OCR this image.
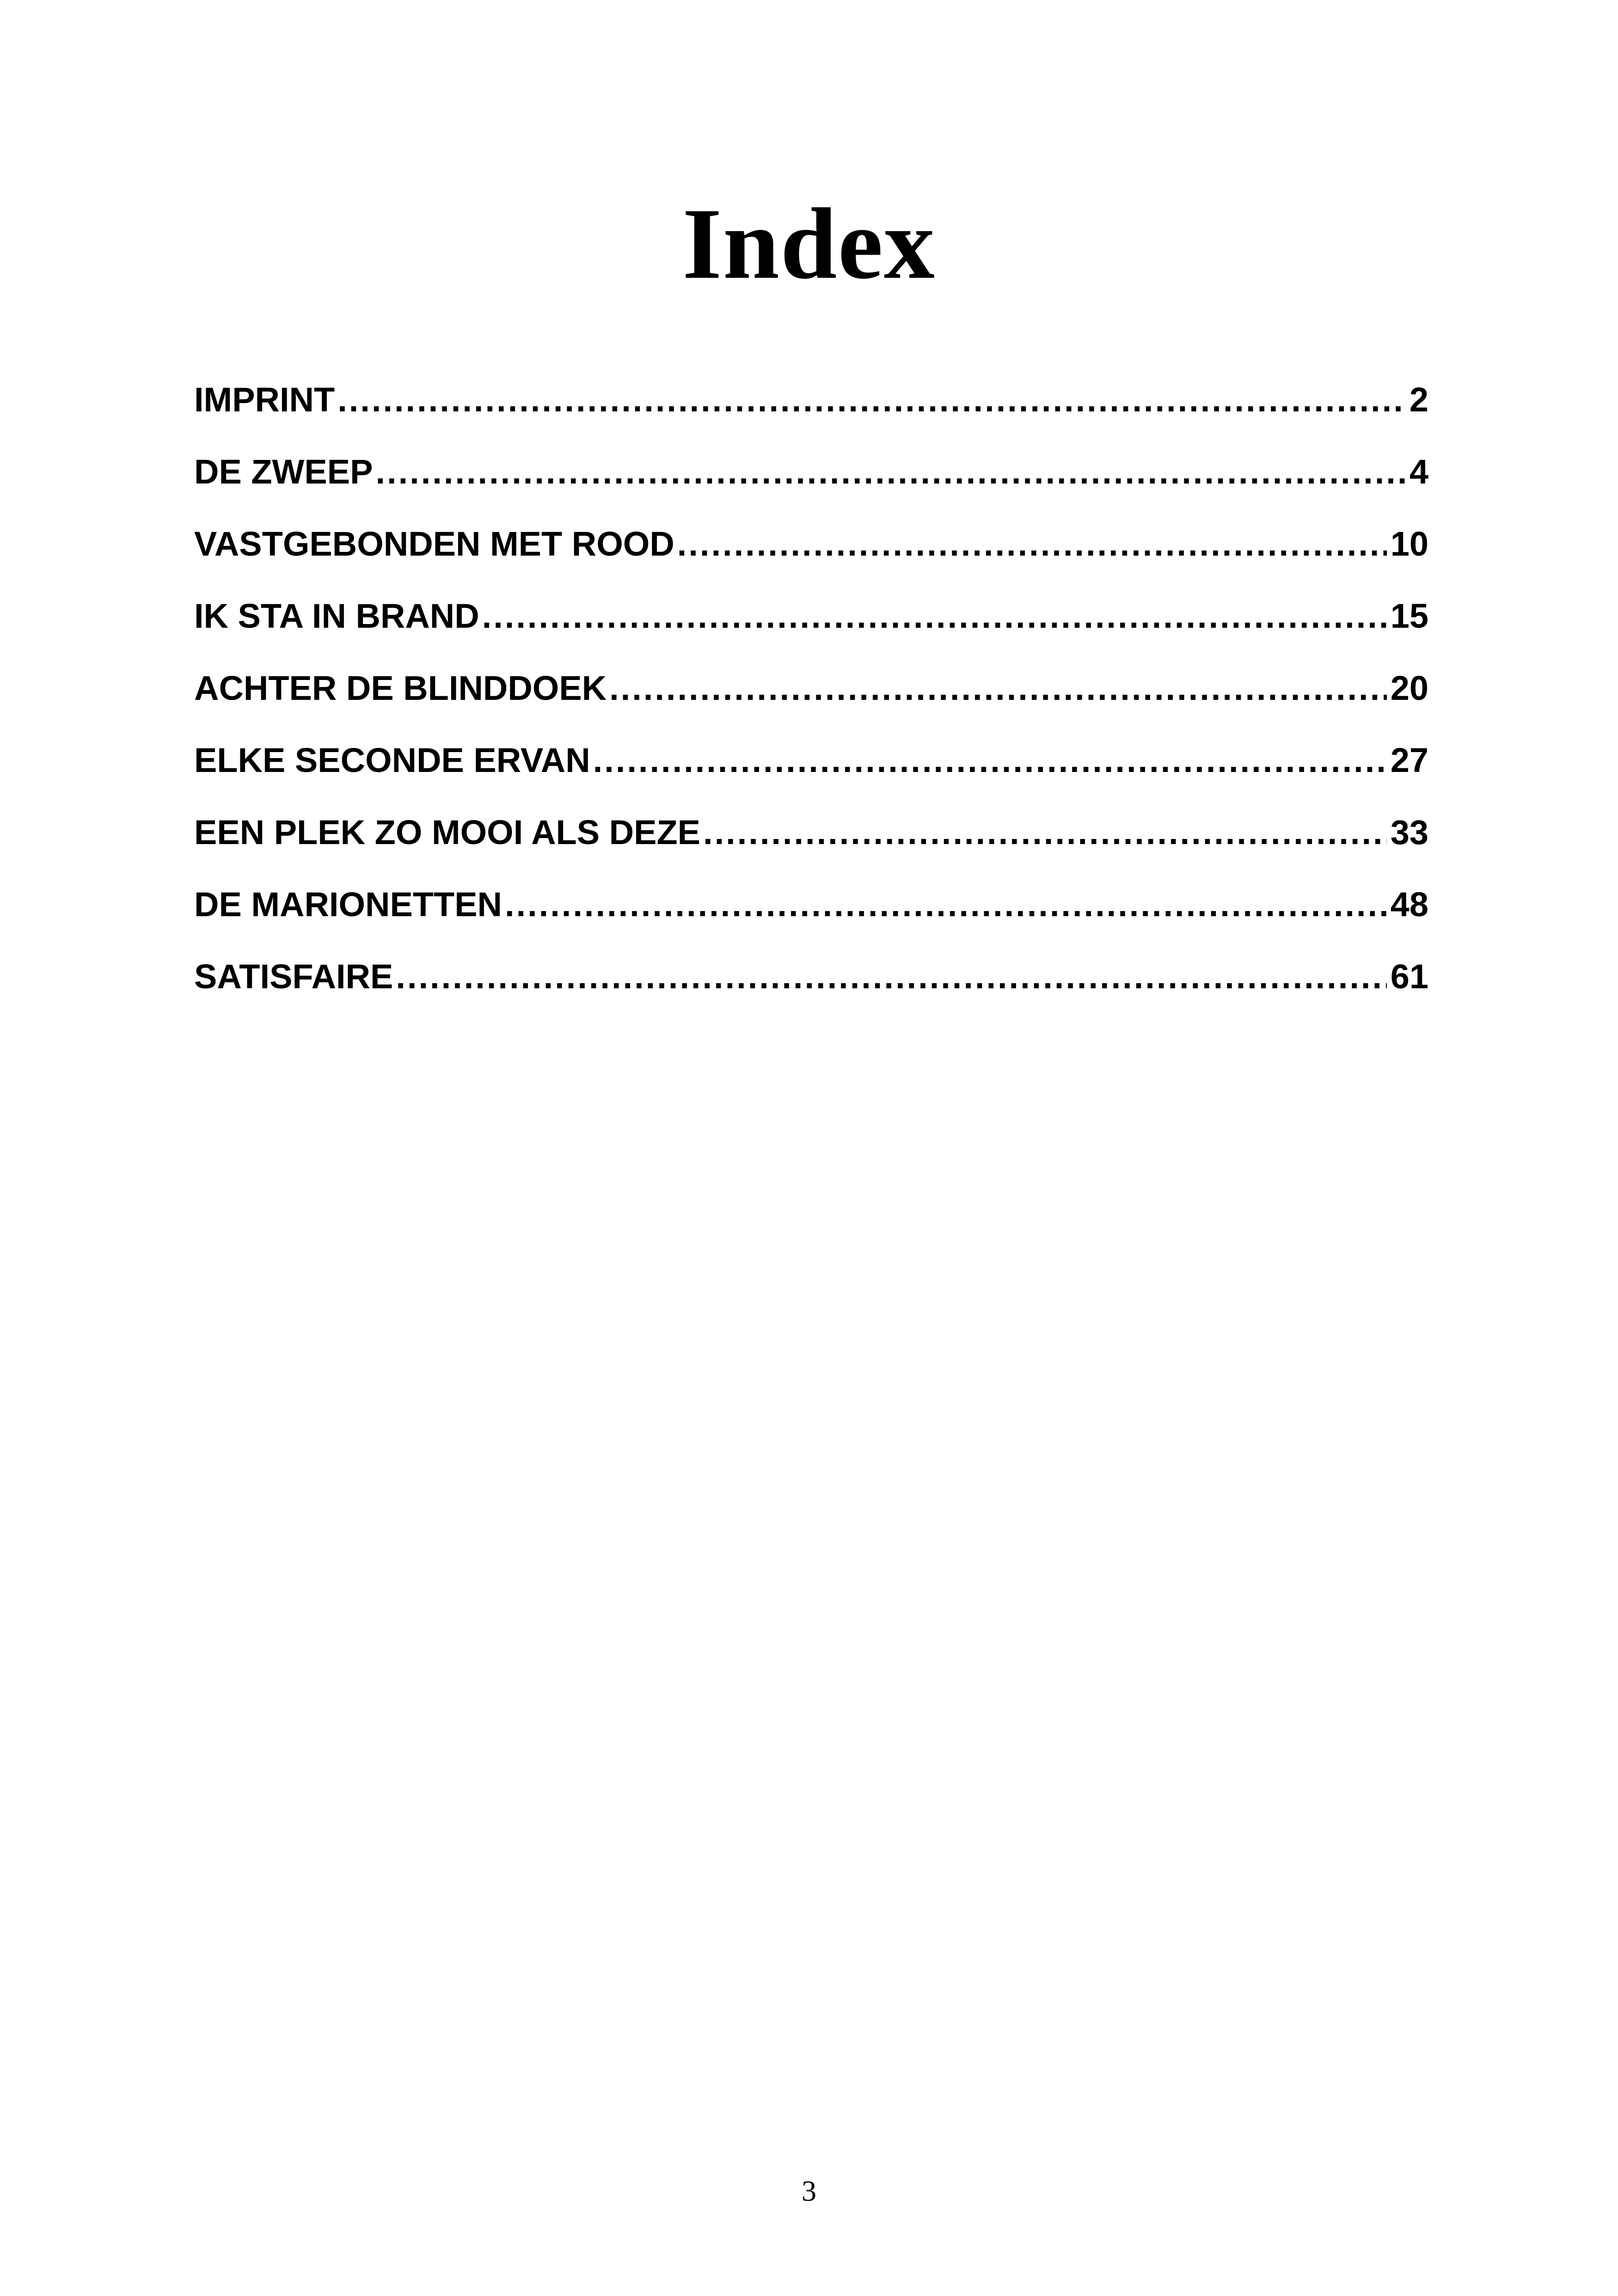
Index
IMPRINT .....	2
DE ZWEEP .....	4
VASTGEBONDEN MET ROOD .....	10
IK STA IN BRAND .....	15
ACHTER DE BLINDDOEK .....	20
ELKE SECONDE ERVAN .....	27
EEN PLEK ZO MOOI ALS DEZE .....	33
DE MARIONETTEN .....	48
SATISFAIRE .....	61
3
